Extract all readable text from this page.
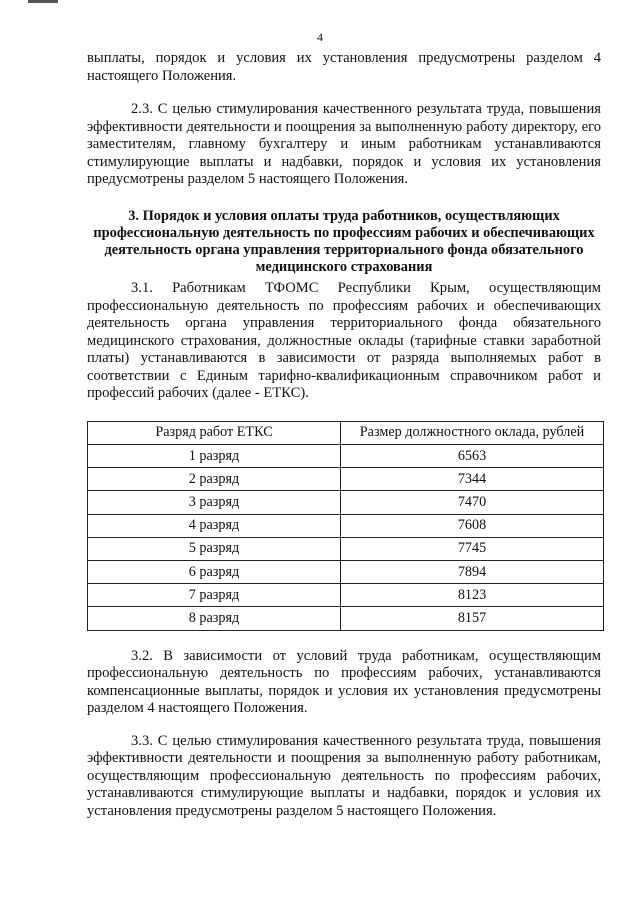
4

выплаты, порядок и условия их установления предусмотрены разделом 4 настоящего Положения.

2.3. С целью стимулирования качественного результата труда, повышения эффективности деятельности и поощрения за выполненную работу директору, его заместителям, главному бухгалтеру и иным работникам устанавливаются стимулирующие выплаты и надбавки, порядок и условия их установления предусмотрены разделом 5 настоящего Положения.

3. Порядок и условия оплаты труда работников, осуществляющих профессиональную деятельность по профессиям рабочих и обеспечивающих деятельность органа управления территориального фонда обязательного медицинского страхования

3.1. Работникам ТФОМС Республики Крым, осуществляющим профессиональную деятельность по профессиям рабочих и обеспечивающих деятельность органа управления территориального фонда обязательного медицинского страхования, должностные оклады (тарифные ставки заработной платы) устанавливаются в зависимости от разряда выполняемых работ в соответствии с Единым тарифно-квалификационным справочником работ и профессий рабочих (далее - ЕТКС).

Разряд работ ЕТКС	Размер должностного оклада, рублей
1 разряд	6563
2 разряд	7344
3 разряд	7470
4 разряд	7608
5 разряд	7745
6 разряд	7894
7 разряд	8123
8 разряд	8157

3.2. В зависимости от условий труда работникам, осуществляющим профессиональную деятельность по профессиям рабочих, устанавливаются компенсационные выплаты, порядок и условия их установления предусмотрены разделом 4 настоящего Положения.

3.3. С целью стимулирования качественного результата труда, повышения эффективности деятельности и поощрения за выполненную работу работникам, осуществляющим профессиональную деятельность по профессиям рабочих, устанавливаются стимулирующие выплаты и надбавки, порядок и условия их установления предусмотрены разделом 5 настоящего Положения.
